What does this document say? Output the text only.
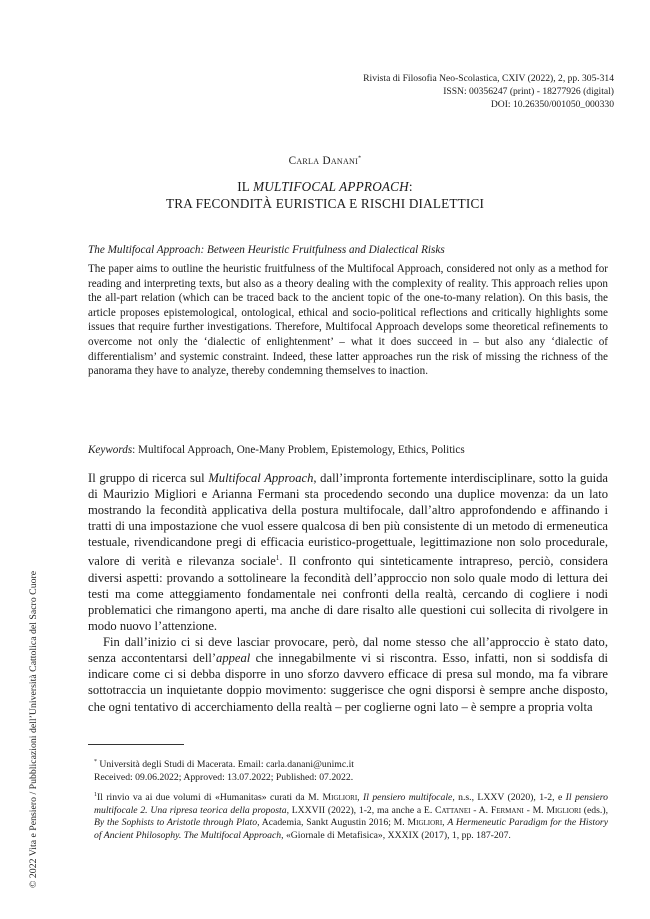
Rivista di Filosofia Neo-Scolastica, CXIV (2022), 2, pp. 305-314
ISSN: 00356247 (print) - 18277926 (digital)
DOI: 10.26350/001050_000330
Carla Danani*
IL MULTIFOCAL APPROACH:
TRA FECONDITÀ EURISTICA E RISCHI DIALETTICI
The Multifocal Approach: Between Heuristic Fruitfulness and Dialectical Risks
The paper aims to outline the heuristic fruitfulness of the Multifocal Approach, considered not only as a method for reading and interpreting texts, but also as a theory dealing with the complexity of reality. This approach relies upon the all-part relation (which can be traced back to the ancient topic of the one-to-many relation). On this basis, the article proposes epistemological, ontological, ethical and socio-political reflections and critically highlights some issues that require further investigations. Therefore, Multifocal Approach develops some theoretical refinements to overcome not only the ‘dialectic of enlightenment’ – what it does succeed in – but also any ‘dialectic of differentialism’ and systemic constraint. Indeed, these latter approaches run the risk of missing the richness of the panorama they have to analyze, thereby condemning themselves to inaction.
Keywords: Multifocal Approach, One-Many Problem, Epistemology, Ethics, Politics

Il gruppo di ricerca sul Multifocal Approach, dall’impronta fortemente interdisciplinare, sotto la guida di Maurizio Migliori e Arianna Fermani sta procedendo secondo una duplice movenza: da un lato mostrando la fecondità applicativa della postura multifocale, dall’altro approfondendo e affinando i tratti di una impostazione che vuol essere qualcosa di ben più consistente di un metodo di ermeneutica testuale, rivendicandone pregi di efficacia euristico-progettuale, legittimazione non solo procedurale, valore di verità e rilevanza sociale$^1$. Il confronto qui sinteticamente intrapreso, perciò, considera diversi aspetti: provando a sottolineare la fecondità dell’approccio non solo quale modo di lettura dei testi ma come atteggiamento fondamentale nei confronti della realtà, cercando di cogliere i nodi problematici che rimangono aperti, ma anche di dare risalto alle questioni cui sollecita di rivolgere in modo nuovo l’attenzione.

Fin dall’inizio ci si deve lasciar provocare, però, dal nome stesso che all’approccio è stato dato, senza accontentarsi dell’appeal che innegabilmente vi si riscontra. Esso, infatti, non si soddisfa di indicare come ci si debba disporre in uno sforzo davvero efficace di presa sul mondo, ma fa vibrare sottotraccia un inquietante doppio movimento: suggerisce che ogni disporsi è sempre anche disposto, che ogni tentativo di accerchiamento della realtà – per coglierne ogni lato – è sempre a propria volta

* Università degli Studi di Macerata. Email: carla.danani@unimc.it
Received: 09.06.2022; Approved: 13.07.2022; Published: 07.2022.

$^1$Il rinvio va ai due volumi di «Humanitas» curati da M. Migliori, Il pensiero multifocale, n.s., LXXV (2020), 1-2, e Il pensiero multifocale 2. Una ripresa teorica della proposta, LXXVII (2022), 1-2, ma anche a E. Cattanei - A. Fermani - M. Migliori (eds.), By the Sophists to Aristotle through Plato, Academia, Sankt Augustin 2016; M. Migliori, A Hermeneutic Paradigm for the History of Ancient Philosophy. The Multifocal Approach, «Giornale di Metafisica», XXXIX (2017), 1, pp. 187-207.

© 2022 Vita e Pensiero / Pubblicazioni dell’Università Cattolica del Sacro Cuore
